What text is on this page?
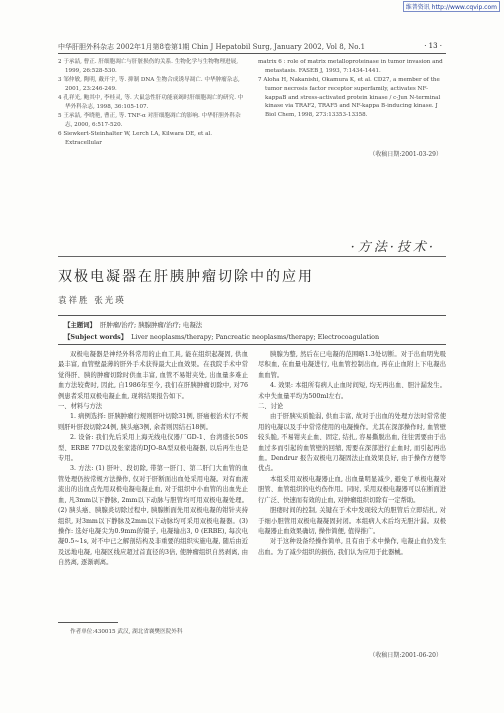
维普资讯 http://www.cqvip.com
中华肝胆外科杂志 2002年1月第8卷第1期 Chin J Hepatobil Surg, January 2002, Vol 8, No.1	· 13 ·

2 于承喆, 曹正. 肝细胞凋亡与肝脏损伤的关系. 生物化学与生物物理进展, 1999, 26:528-530.

3 邹仲敏, 陶明, 戴开宇, 等. 抑制 DNA 生物合成诱导凋亡. 中华肿瘤杂志, 2001, 23:246-249.

4 孔祥光, 鲍其中, 李桂灵, 等. 大鼠急性肝功能衰竭时肝细胞凋亡的研究. 中华外科杂志, 1998, 36:105-107.

5 王承喆, 李晓艳, 曹正, 等. TNF-α 对肝细胞凋亡的影响. 中华肝胆外科杂志, 2000, 6:517-520.

6 Siewkert-Steinhalter W, Lerch LA, Kilwara DE, et al. Extracellular

matrix 6 : role of matrix metalloproteinase in tumor invasion and metastasis. FASEB J, 1993, 7:1434-1441.

7 Aloha H, Nakanishi, Okamura K, et al. CD27, a member of the tumor necrosis factor receptor superfamily, activates NF-kappaB and stress-activated protein kinase / c-Jun N-terminal kinase via TRAF2, TRAF5 and NF-kappa B-inducing kinase. J Biol Chem, 1998, 273:13353-13358.

（收稿日期:2001-03-29）
·方法·技术·
双极电凝器在肝胰肿瘤切除中的应用
袁祥胜 张光瑛
【主题词】 肝肿瘤/治疗; 胰腺肿瘤/治疗; 电凝法
【Subject words】 Liver neoplasms/therapy; Pancreatic neoplasms/therapy; Electrocoagulation

双极电凝器是神经外科常用的止血工具, 能在组织起凝固, 供血最丰富, 血管壁最薄的肝外手术获得最大止血效果。在我院手术中常觉得肝、胰的肿瘤切除时供血丰富, 血管不易钳夹处, 出血量多难止血方法较费时, 因此, 自1986年至今, 我们在肝胰肿瘤切除中, 对76例患者采用双极电凝止血, 现将结果报告如下。

一、材料与方法

1. 病例选择: 肝胰肿瘤行规则肝叶切除31例, 肝癌根治术行不规则肝叶肝段切除24例, 胰头癌3例, 余者则因结石18例。

2. 设备: 我们先后采用上海无线电仪器厂GD-1、台湾盛长50S型、ERBE 77D以及张家港的DJO-8A型双极电凝器, 以后再生也是专用。

3. 方法: (1) 肝叶、段切除, 带第一肝门、第二肝门大血管的血管处理仍按常规方法操作, 仅对于肝断面出血处采用电凝。对有血液流出的出血点先用双极电凝电凝止血, 对于组织中小血管的出血先止血, 凡3mm以下静脉, 2mm以下动脉与胆管均可用双极电凝处理。(2) 胰头癌、胰腺炎切除过程中, 胰腺断面先用双极电凝的钳针夹持组织, 对3mm以下静脉及2mm以下动脉均可采用双极电凝器。(3) 操作: 选好电凝尖为0.9mm的镊子, 电凝输出3, 0 (ERBE), 每次电凝0.5~1s, 对不中已之解剖结构及非重要的组织实施电凝, 随后由近及远地电凝, 电凝区线应超过首直径的3倍, 使肿瘤组织自然剥离, 由自然离, 逐渐剥离。

胰腺为整, 然后在已电凝的范围略1.3处切断。对于出血明先吸尽积血, 在血量电凝进行, 电血管控制出血, 再在止血附上下电凝出血血管。

4. 效果: 本组所有病人止血时间短, 均无再出血、胆汁漏发生。术中失血量平均为500ml左右。

二、讨论

由于肝胰实质脆弱, 供血丰富, 故对于出血的处理方法时常常使用的电凝以及手中常常使用的电凝操作。尤其在深部操作时, 血管壁较头脆, 不易钳夹止血、固定, 结扎, 容易撕脱出血, 往往需要由于出血过多而引起的血管壁的回缩, 需要在深部进行止血时, 而引起再出血。Dendrur 报告双极电刀凝固法止血效果良好, 由于操作方便等优点。

本组采用双极电凝器止血, 出血量明显减少, 避免了单极电凝对胆管、血管组织的电灼伤作用。同时, 采用双极电凝器可以在断面进行广泛、快速而有效的止血, 对肿瘤组织切除有一定帮助。

胆瘘时间的控制, 关键在于术中发现较大的胆管后立即结扎, 对于细小胆管用双极电凝凝固封闭。本组病人术后均无胆汁漏。双极电凝器止血效果确切, 操作简便, 值得推广。

对于这种设备经操作简单, 且有由于术中操作, 电凝止血仍发生出血。为了减少组织的损伤, 我们认为应用于此器械。

（收稿日期:2001-06-20）
作者单位:430015 武汉, 湖北省襄樊医院外科
